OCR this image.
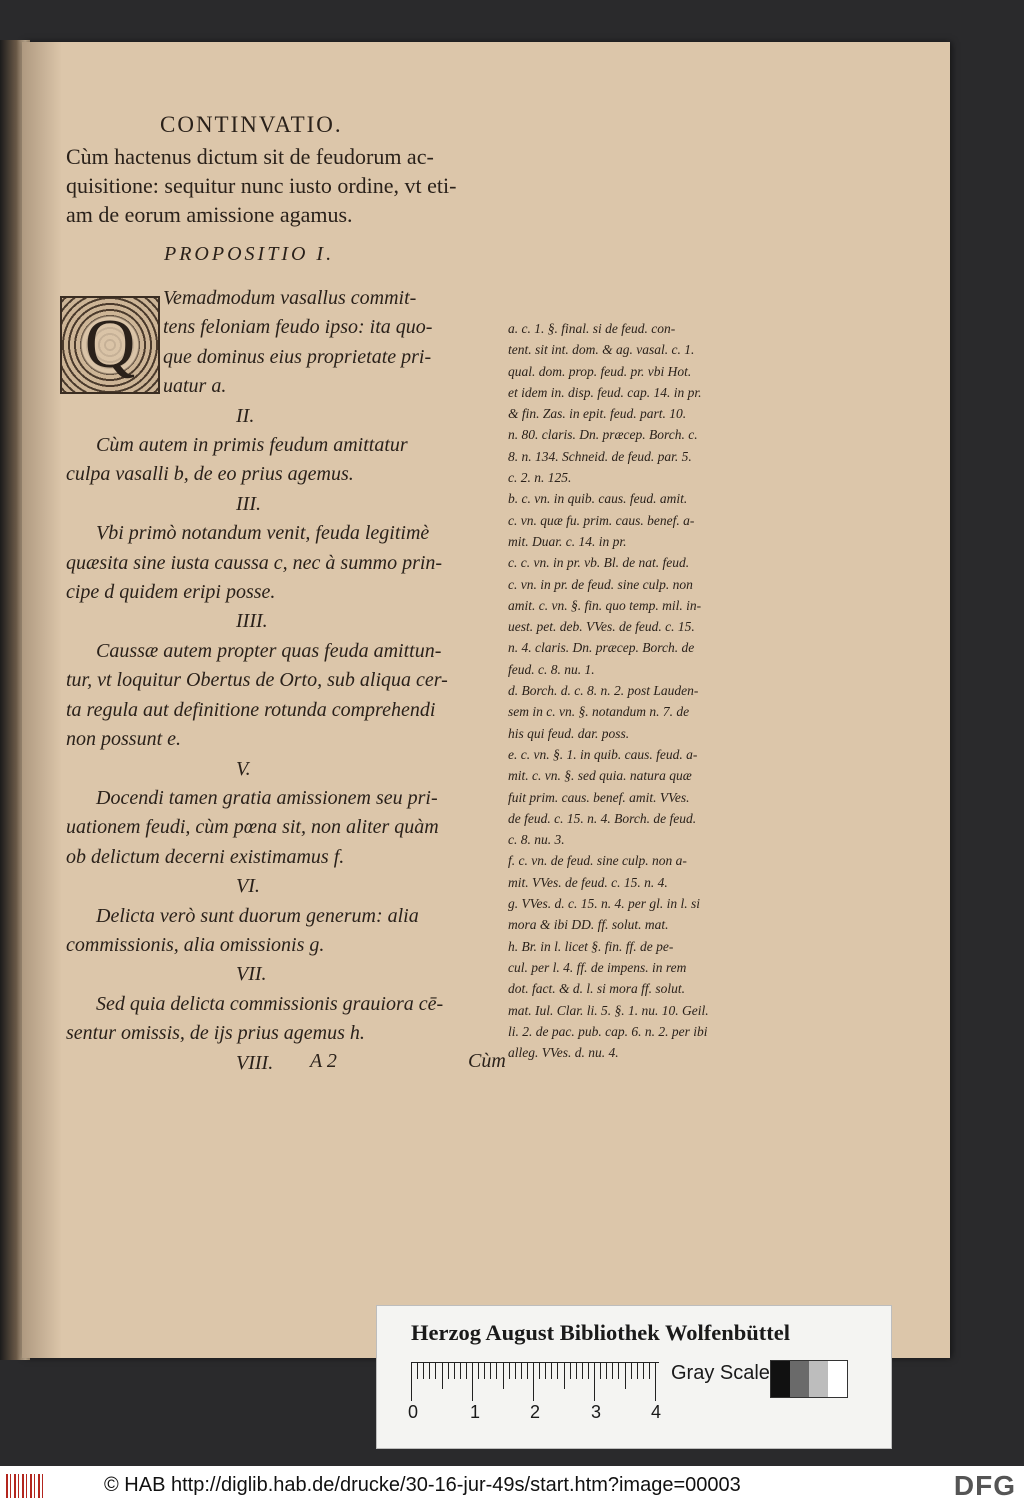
CONTINVATIO.
Cùm hactenus dictum sit de feudorum ac-
quisitione: sequitur nunc iusto ordine, vt eti-
am de eorum amissione agamus.
PROPOSITIO I.
Q
Vemadmodum vasallus commit-
tens feloniam feudo ipso: ita quo-
que dominus eius proprietate pri-
uatur a.
II.
Cùm autem in primis feudum amittatur
culpa vasalli b, de eo prius agemus.
III.
Vbi primò notandum venit, feuda legitimè
quæsita sine iusta caussa c, nec à summo prin-
cipe d quidem eripi posse.
IIII.
Caussæ autem propter quas feuda amittun-
tur, vt loquitur Obertus de Orto, sub aliqua cer-
ta regula aut definitione rotunda comprehendi
non possunt e.
V.
Docendi tamen gratia amissionem seu pri-
uationem feudi, cùm pœna sit, non aliter quàm
ob delictum decerni existimamus f.
VI.
Delicta verò sunt duorum generum: alia
commissionis, alia omissionis g.
VII.
Sed quia delicta commissionis grauiora cē-
sentur omissis, de ijs prius agemus h.
VIII.
a. c. 1. §. final. si de feud. con-
tent. sit int. dom. & ag. vasal. c. 1.
qual. dom. prop. feud. pr. vbi Hot.
et idem in. disp. feud. cap. 14. in pr.
& fin. Zas. in epit. feud. part. 10.
n. 80. claris. Dn. præcep. Borch. c.
8. n. 134. Schneid. de feud. par. 5.
c. 2. n. 125.
b. c. vn. in quib. caus. feud. amit.
c. vn. quæ fu. prim. caus. benef. a-
mit. Duar. c. 14. in pr.
c. c. vn. in pr. vb. Bl. de nat. feud.
c. vn. in pr. de feud. sine culp. non
amit. c. vn. §. fin. quo temp. mil. in-
uest. pet. deb. VVes. de feud. c. 15.
n. 4. claris. Dn. præcep. Borch. de
feud. c. 8. nu. 1.
d. Borch. d. c. 8. n. 2. post Lauden-
sem in c. vn. §. notandum n. 7. de
his qui feud. dar. poss.
e. c. vn. §. 1. in quib. caus. feud. a-
mit. c. vn. §. sed quia. natura quæ
fuit prim. caus. benef. amit. VVes.
de feud. c. 15. n. 4. Borch. de feud.
c. 8. nu. 3.
f. c. vn. de feud. sine culp. non a-
mit. VVes. de feud. c. 15. n. 4.
g. VVes. d. c. 15. n. 4. per gl. in l. si
mora & ibi DD. ff. solut. mat.
h. Br. in l. licet §. fin. ff. de pe-
cul. per l. 4. ff. de impens. in rem
dot. fact. & d. l. si mora ff. solut.
mat. Iul. Clar. li. 5. §. 1. nu. 10. Geil.
li. 2. de pac. pub. cap. 6. n. 2. per ibi
alleg. VVes. d. nu. 4.
A 2	Cùm
Herzog August Bibliothek Wolfenbüttel
0	1	2	3	4
Gray Scale
© HAB http://diglib.hab.de/drucke/30-16-jur-49s/start.htm?image=00003	DFG
